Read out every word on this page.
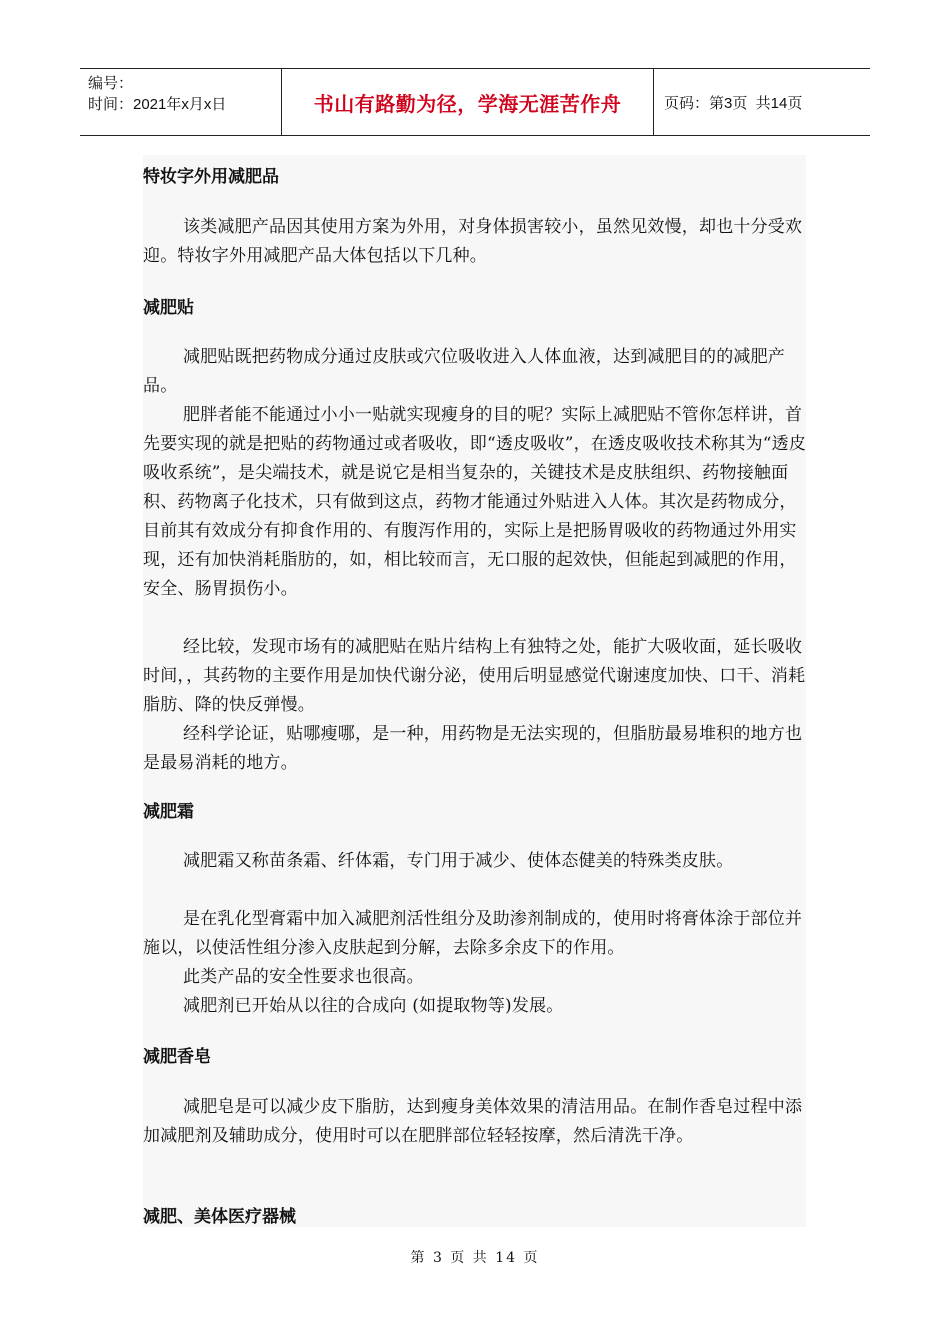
编号：
时间：2021年x月x日	书山有路勤为径，学海无涯苦作舟	页码：第3页  共14页
特妆字外用减肥品

该类减肥产品因其使用方案为外用，对身体损害较小，虽然见效慢，却也十分受欢迎。特妆字外用减肥产品大体包括以下几种。

减肥贴

减肥贴既把药物成分通过皮肤或穴位吸收进入人体血液，达到减肥目的的减肥产品。

肥胖者能不能通过小小一贴就实现瘦身的目的呢？实际上减肥贴不管你怎样讲，首先要实现的就是把贴的药物通过或者吸收，即“透皮吸收”，在透皮吸收技术称其为“透皮吸收系统”，是尖端技术，就是说它是相当复杂的，关键技术是皮肤组织、药物接触面积、药物离子化技术，只有做到这点，药物才能通过外贴进入人体。其次是药物成分，目前其有效成分有抑食作用的、有腹泻作用的，实际上是把肠胃吸收的药物通过外用实现，还有加快消耗脂肪的，如，相比较而言，无口服的起效快，但能起到减肥的作用，安全、肠胃损伤小。

经比较，发现市场有的减肥贴在贴片结构上有独特之处，能扩大吸收面，延长吸收时间，，其药物的主要作用是加快代谢分泌，使用后明显感觉代谢速度加快、口干、消耗脂肪、降的快反弹慢。

经科学论证，贴哪瘦哪，是一种，用药物是无法实现的，但脂肪最易堆积的地方也是最易消耗的地方。

减肥霜

减肥霜又称苗条霜、纤体霜，专门用于减少、使体态健美的特殊类皮肤。

是在乳化型膏霜中加入减肥剂活性组分及助渗剂制成的，使用时将膏体涂于部位并施以，以使活性组分渗入皮肤起到分解，去除多余皮下的作用。

此类产品的安全性要求也很高。

减肥剂已开始从以往的合成向 (如提取物等)发展。

减肥香皂

减肥皂是可以减少皮下脂肪，达到瘦身美体效果的清洁用品。在制作香皂过程中添加减肥剂及辅助成分，使用时可以在肥胖部位轻轻按摩，然后清洗干净。

减肥、美体医疗器械
第 3 页 共 14 页
